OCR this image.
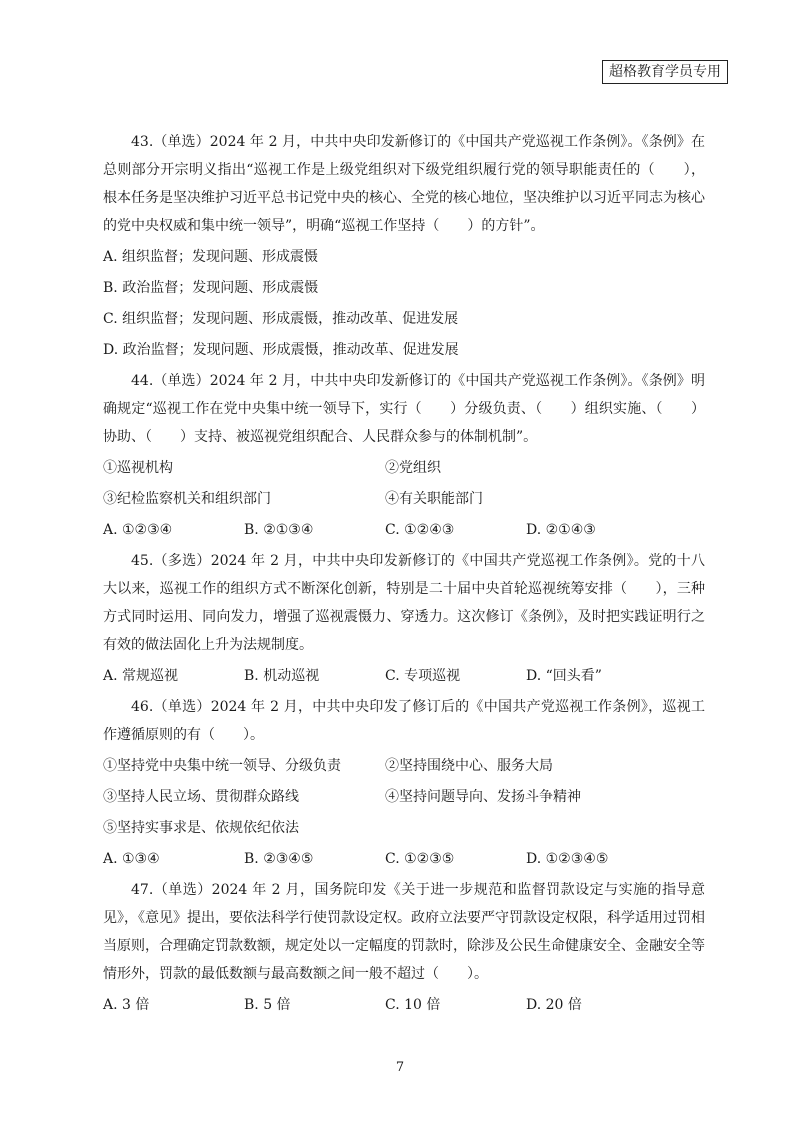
超格教育学员专用

43.（单选）2024 年 2 月，中共中央印发新修订的《中国共产党巡视工作条例》。《条例》在总则部分开宗明义指出“巡视工作是上级党组织对下级党组织履行党的领导职能责任的（　　），根本任务是坚决维护习近平总书记党中央的核心、全党的核心地位，坚决维护以习近平同志为核心的党中央权威和集中统一领导”，明确“巡视工作坚持（　　）的方针”。

A. 组织监督；发现问题、形成震慑

B. 政治监督；发现问题、形成震慑

C. 组织监督；发现问题、形成震慑，推动改革、促进发展

D. 政治监督；发现问题、形成震慑，推动改革、促进发展

44.（单选）2024 年 2 月，中共中央印发新修订的《中国共产党巡视工作条例》。《条例》明确规定“巡视工作在党中央集中统一领导下，实行（　　）分级负责、（　　）组织实施、（　　）协助、（　　）支持、被巡视党组织配合、人民群众参与的体制机制”。

①巡视机构	②党组织
③纪检监察机关和组织部门	④有关职能部门
A. ①②③④	B. ②①③④	C. ①②④③	D. ②①④③

45.（多选）2024 年 2 月，中共中央印发新修订的《中国共产党巡视工作条例》。党的十八大以来，巡视工作的组织方式不断深化创新，特别是二十届中央首轮巡视统筹安排（　　），三种方式同时运用、同向发力，增强了巡视震慑力、穿透力。这次修订《条例》，及时把实践证明行之有效的做法固化上升为法规制度。

A. 常规巡视	B. 机动巡视	C. 专项巡视	D. “回头看”

46.（单选）2024 年 2 月，中共中央印发了修订后的《中国共产党巡视工作条例》，巡视工作遵循原则的有（　　）。

①坚持党中央集中统一领导、分级负责	②坚持围绕中心、服务大局
③坚持人民立场、贯彻群众路线	④坚持问题导向、发扬斗争精神

⑤坚持实事求是、依规依纪依法

A. ①③④	B. ②③④⑤	C. ①②③⑤	D. ①②③④⑤

47.（单选）2024 年 2 月，国务院印发《关于进一步规范和监督罚款设定与实施的指导意见》，《意见》提出，要依法科学行使罚款设定权。政府立法要严守罚款设定权限，科学适用过罚相当原则，合理确定罚款数额，规定处以一定幅度的罚款时，除涉及公民生命健康安全、金融安全等情形外，罚款的最低数额与最高数额之间一般不超过（　　）。

A. 3 倍	B. 5 倍	C. 10 倍	D. 20 倍
7
